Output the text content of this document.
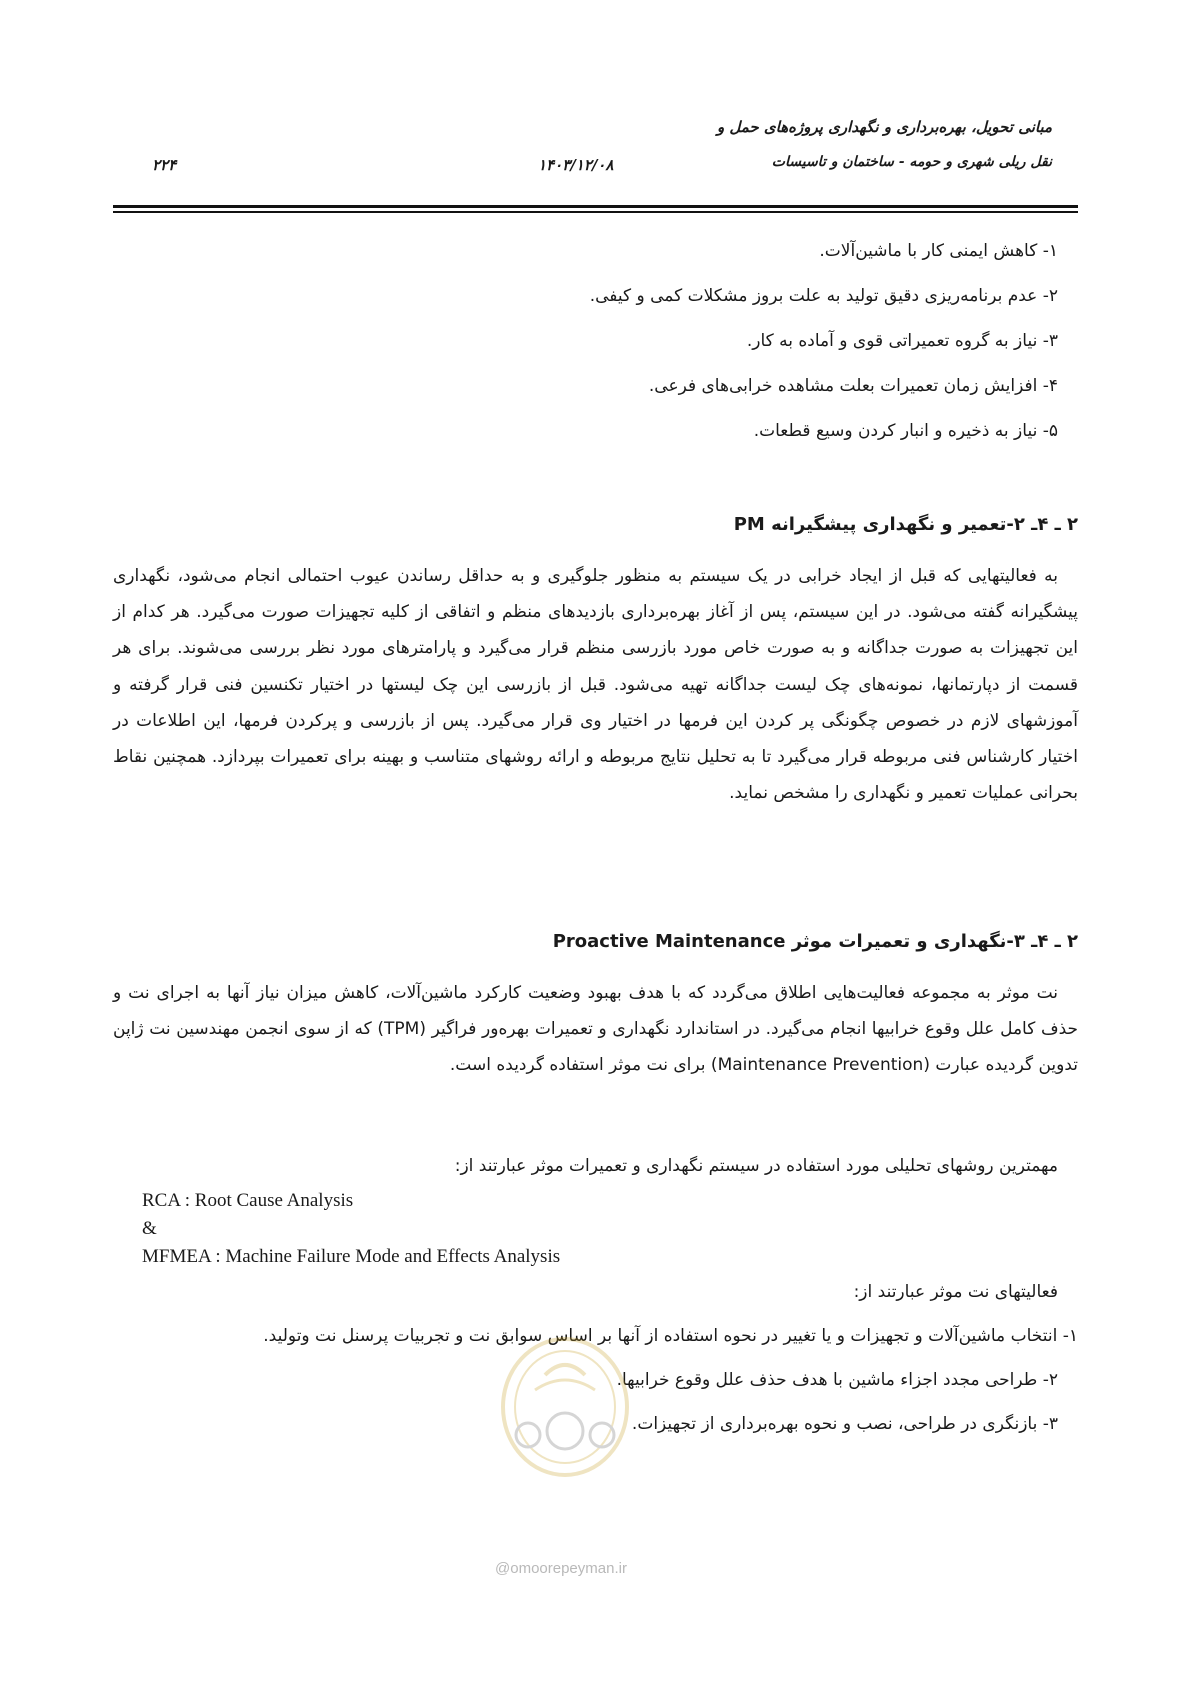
مبانی تحویل، بهره‌برداری و نگهداری پروژه‌های حمل و
نقل ریلی شهری و حومه - ساختمان و تاسیسات
۱۴۰۳/۱۲/۰۸
۲۲۴
۱- کاهش ایمنی کار با ماشین‌آلات.
۲- عدم برنامه‌ریزی دقیق تولید به علت بروز مشکلات کمی و کیفی.
۳- نیاز به گروه تعمیراتی قوی و آماده به کار.
۴- افزایش زمان تعمیرات بعلت مشاهده خرابی‌های فرعی.
۵- نیاز به ذخیره و انبار کردن وسیع قطعات.
۲ ـ ۴ـ ۲-تعمیر و نگهداری پیشگیرانه PM
به فعالیتهایی که قبل از ایجاد خرابی در یک سیستم به منظور جلوگیری و به حداقل رساندن عیوب احتمالی انجام می‌شود، نگهداری پیشگیرانه گفته می‌شود. در این سیستم، پس از آغاز بهره‌برداری بازدیدهای منظم و اتفاقی از کلیه تجهیزات صورت می‌گیرد. هر کدام از این تجهیزات به صورت جداگانه و به صورت خاص مورد بازرسی منظم قرار می‌گیرد و پارامترهای مورد نظر بررسی می‌شوند. برای هر قسمت از دپارتمانها، نمونه‌های چک لیست جداگانه تهیه می‌شود. قبل از بازرسی این چک لیستها در اختیار تکنسین فنی قرار گرفته و آموزشهای لازم در خصوص چگونگی پر کردن این فرمها در اختیار وی قرار می‌گیرد. پس از بازرسی و پرکردن فرمها، این اطلاعات در اختیار کارشناس فنی مربوطه قرار می‌گیرد تا به تحلیل نتایج مربوطه و ارائه روشهای متناسب و بهینه برای تعمیرات بپردازد. همچنین نقاط بحرانی عملیات تعمیر و نگهداری را مشخص نماید.
۲ ـ ۴ـ ۳-نگهداری و تعمیرات موثر Proactive Maintenance
نت موثر به مجموعه فعالیت‌هایی اطلاق می‌گردد که با هدف بهبود وضعیت کارکرد ماشین‌آلات، کاهش میزان نیاز آنها به اجرای نت و حذف کامل علل وقوع خرابیها انجام می‌گیرد. در استاندارد نگهداری و تعمیرات بهره‌ور فراگیر (TPM) که از سوی انجمن مهندسین نت ژاپن تدوین گردیده عبارت (Maintenance Prevention) برای نت موثر استفاده گردیده است.
مهمترین روشهای تحلیلی مورد استفاده در سیستم نگهداری و تعمیرات موثر عبارتند از:
RCA : Root Cause Analysis
&
MFMEA : Machine Failure Mode and Effects Analysis
فعالیتهای نت موثر عبارتند از:
۱- انتخاب ماشین‌آلات و تجهیزات و یا تغییر در نحوه استفاده از آنها بر اساس سوابق نت و تجربیات پرسنل نت وتولید.
۲- طراحی مجدد اجزاء ماشین با هدف حذف علل وقوع خرابیها.
۳- بازنگری در طراحی، نصب و نحوه بهره‌برداری از تجهیزات.
@omoorepeyman.ir
